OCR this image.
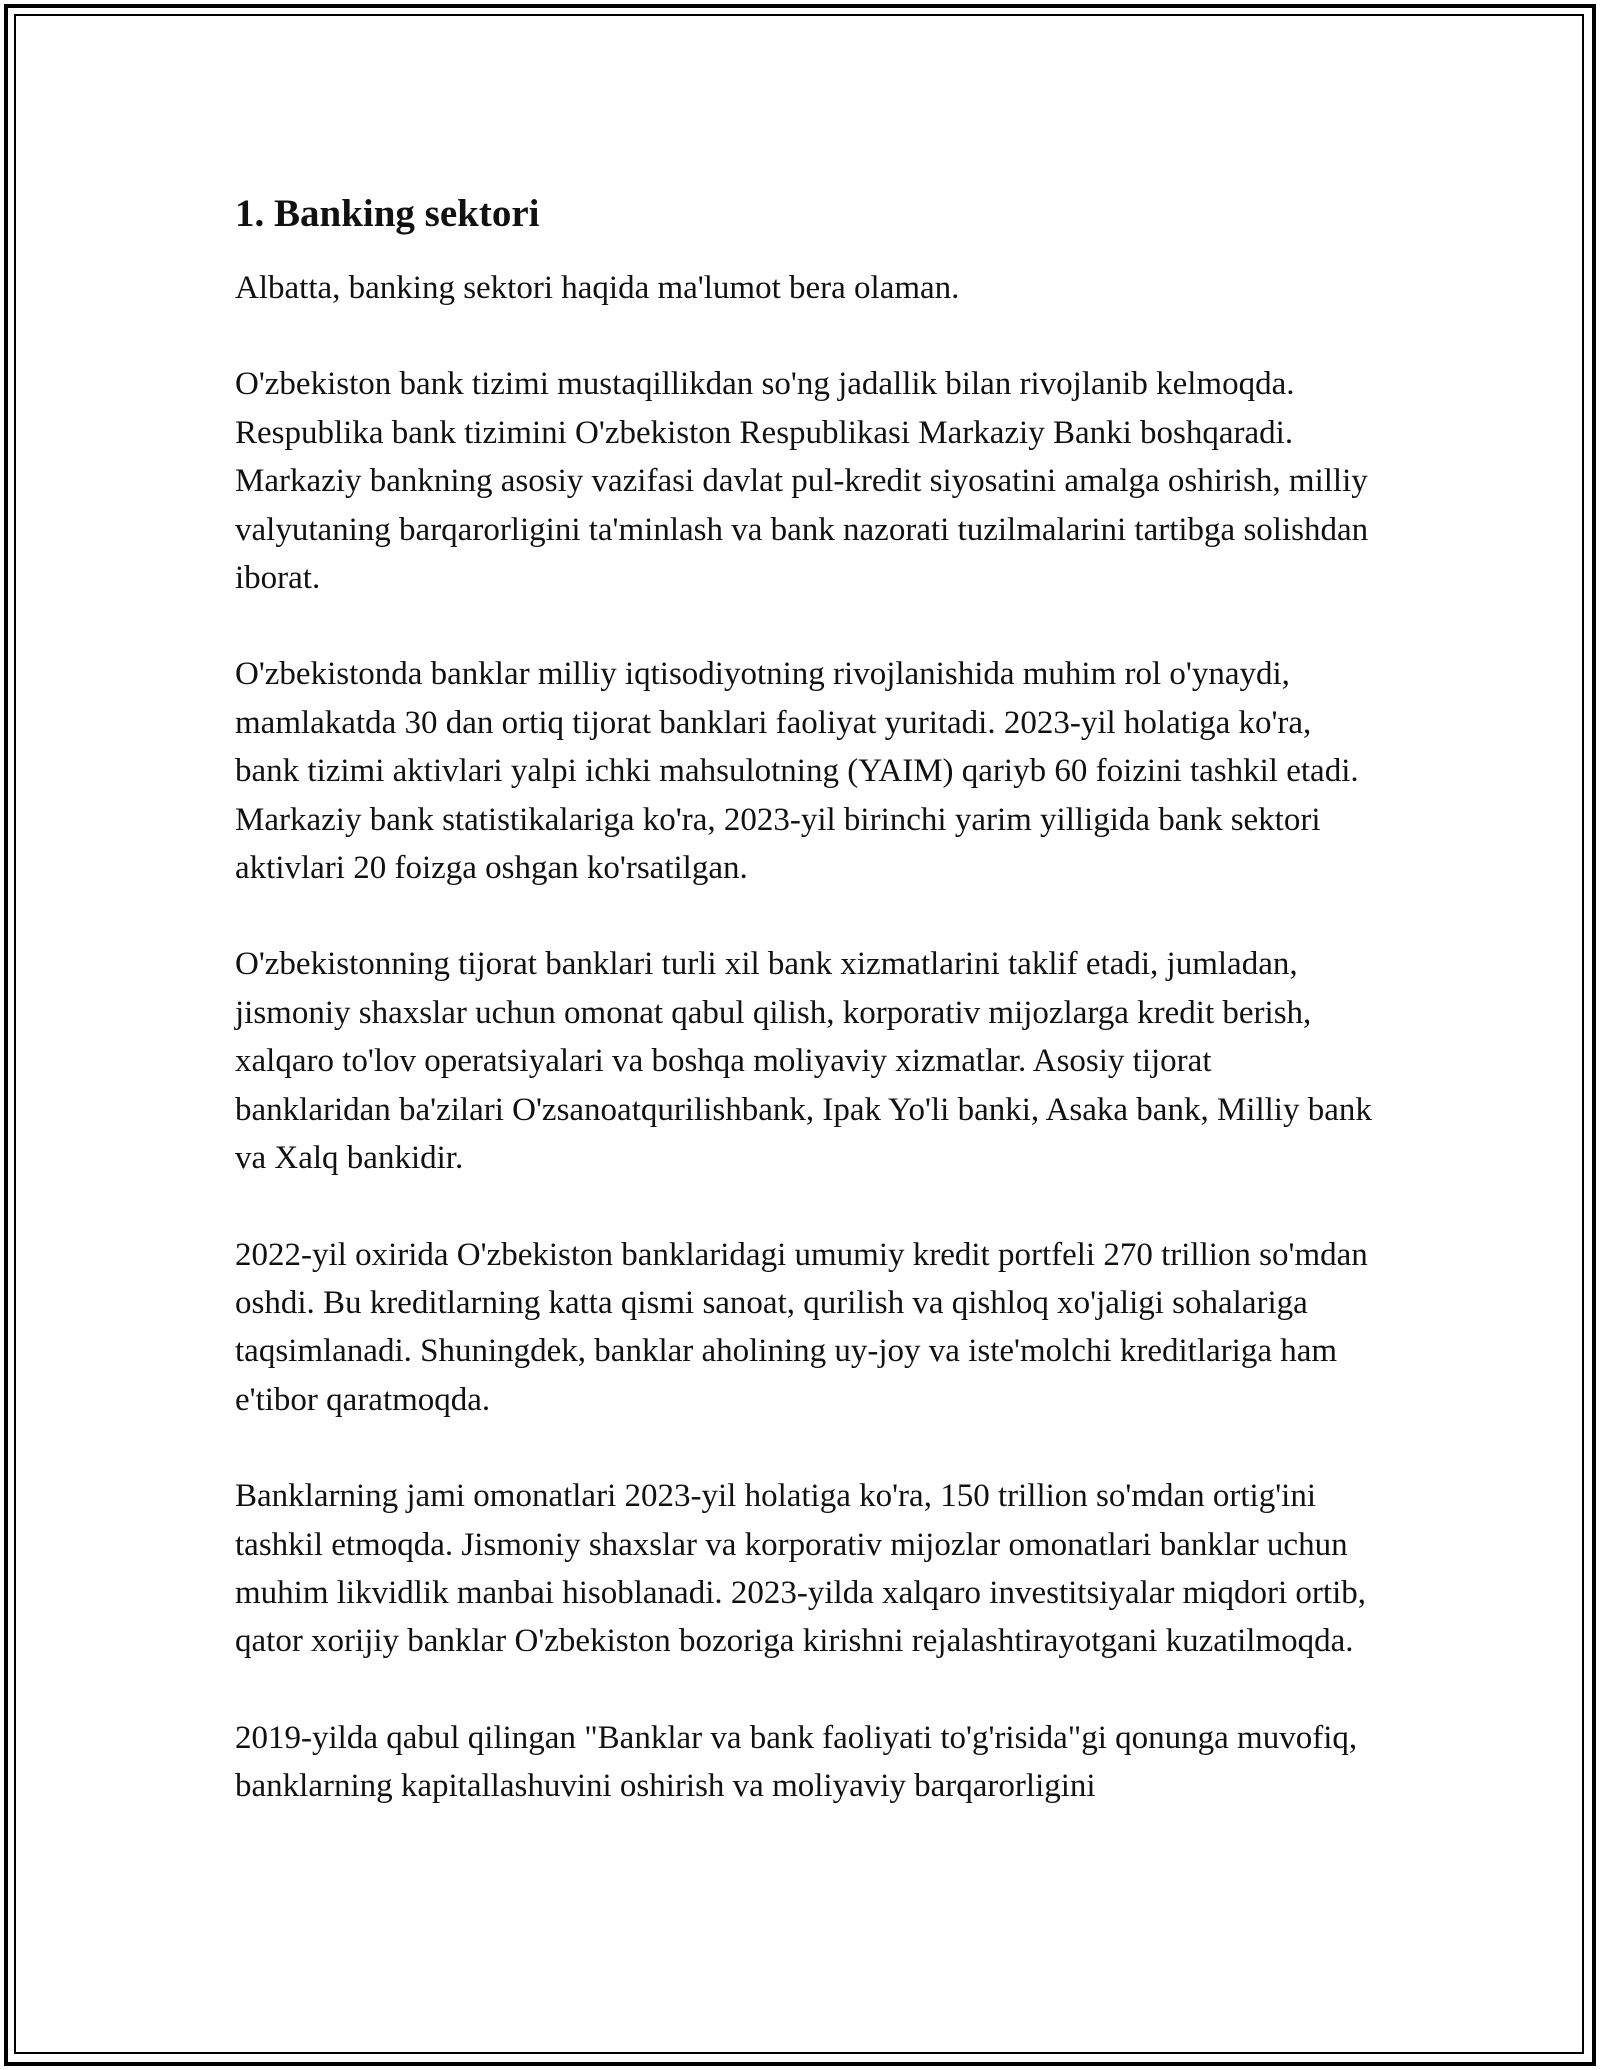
1. Banking sektori

Albatta, banking sektori haqida ma'lumot bera olaman.

O'zbekiston bank tizimi mustaqillikdan so'ng jadallik bilan rivojlanib kelmoqda. Respublika bank tizimini O'zbekiston Respublikasi Markaziy Banki boshqaradi. Markaziy bankning asosiy vazifasi davlat pul-kredit siyosatini amalga oshirish, milliy valyutaning barqarorligini ta'minlash va bank nazorati tuzilmalarini tartibga solishdan iborat.

O'zbekistonda banklar milliy iqtisodiyotning rivojlanishida muhim rol o'ynaydi, mamlakatda 30 dan ortiq tijorat banklari faoliyat yuritadi. 2023-yil holatiga ko'ra, bank tizimi aktivlari yalpi ichki mahsulotning (YAIM) qariyb 60 foizini tashkil etadi. Markaziy bank statistikalariga ko'ra, 2023-yil birinchi yarim yilligida bank sektori aktivlari 20 foizga oshgan ko'rsatilgan.

O'zbekistonning tijorat banklari turli xil bank xizmatlarini taklif etadi, jumladan, jismoniy shaxslar uchun omonat qabul qilish, korporativ mijozlarga kredit berish, xalqaro to'lov operatsiyalari va boshqa moliyaviy xizmatlar. Asosiy tijorat banklaridan ba'zilari O'zsanoatqurilishbank, Ipak Yo'li banki, Asaka bank, Milliy bank va Xalq bankidir.

2022-yil oxirida O'zbekiston banklaridagi umumiy kredit portfeli 270 trillion so'mdan oshdi. Bu kreditlarning katta qismi sanoat, qurilish va qishloq xo'jaligi sohalariga taqsimlanadi. Shuningdek, banklar aholining uy-joy va iste'molchi kreditlariga ham e'tibor qaratmoqda.

Banklarning jami omonatlari 2023-yil holatiga ko'ra, 150 trillion so'mdan ortig'ini tashkil etmoqda. Jismoniy shaxslar va korporativ mijozlar omonatlari banklar uchun muhim likvidlik manbai hisoblanadi. 2023-yilda xalqaro investitsiyalar miqdori ortib, qator xorijiy banklar O'zbekiston bozoriga kirishni rejalashtirayotgani kuzatilmoqda.

2019-yilda qabul qilingan "Banklar va bank faoliyati to'g'risida"gi qonunga muvofiq, banklarning kapitallashuvini oshirish va moliyaviy barqarorligini
